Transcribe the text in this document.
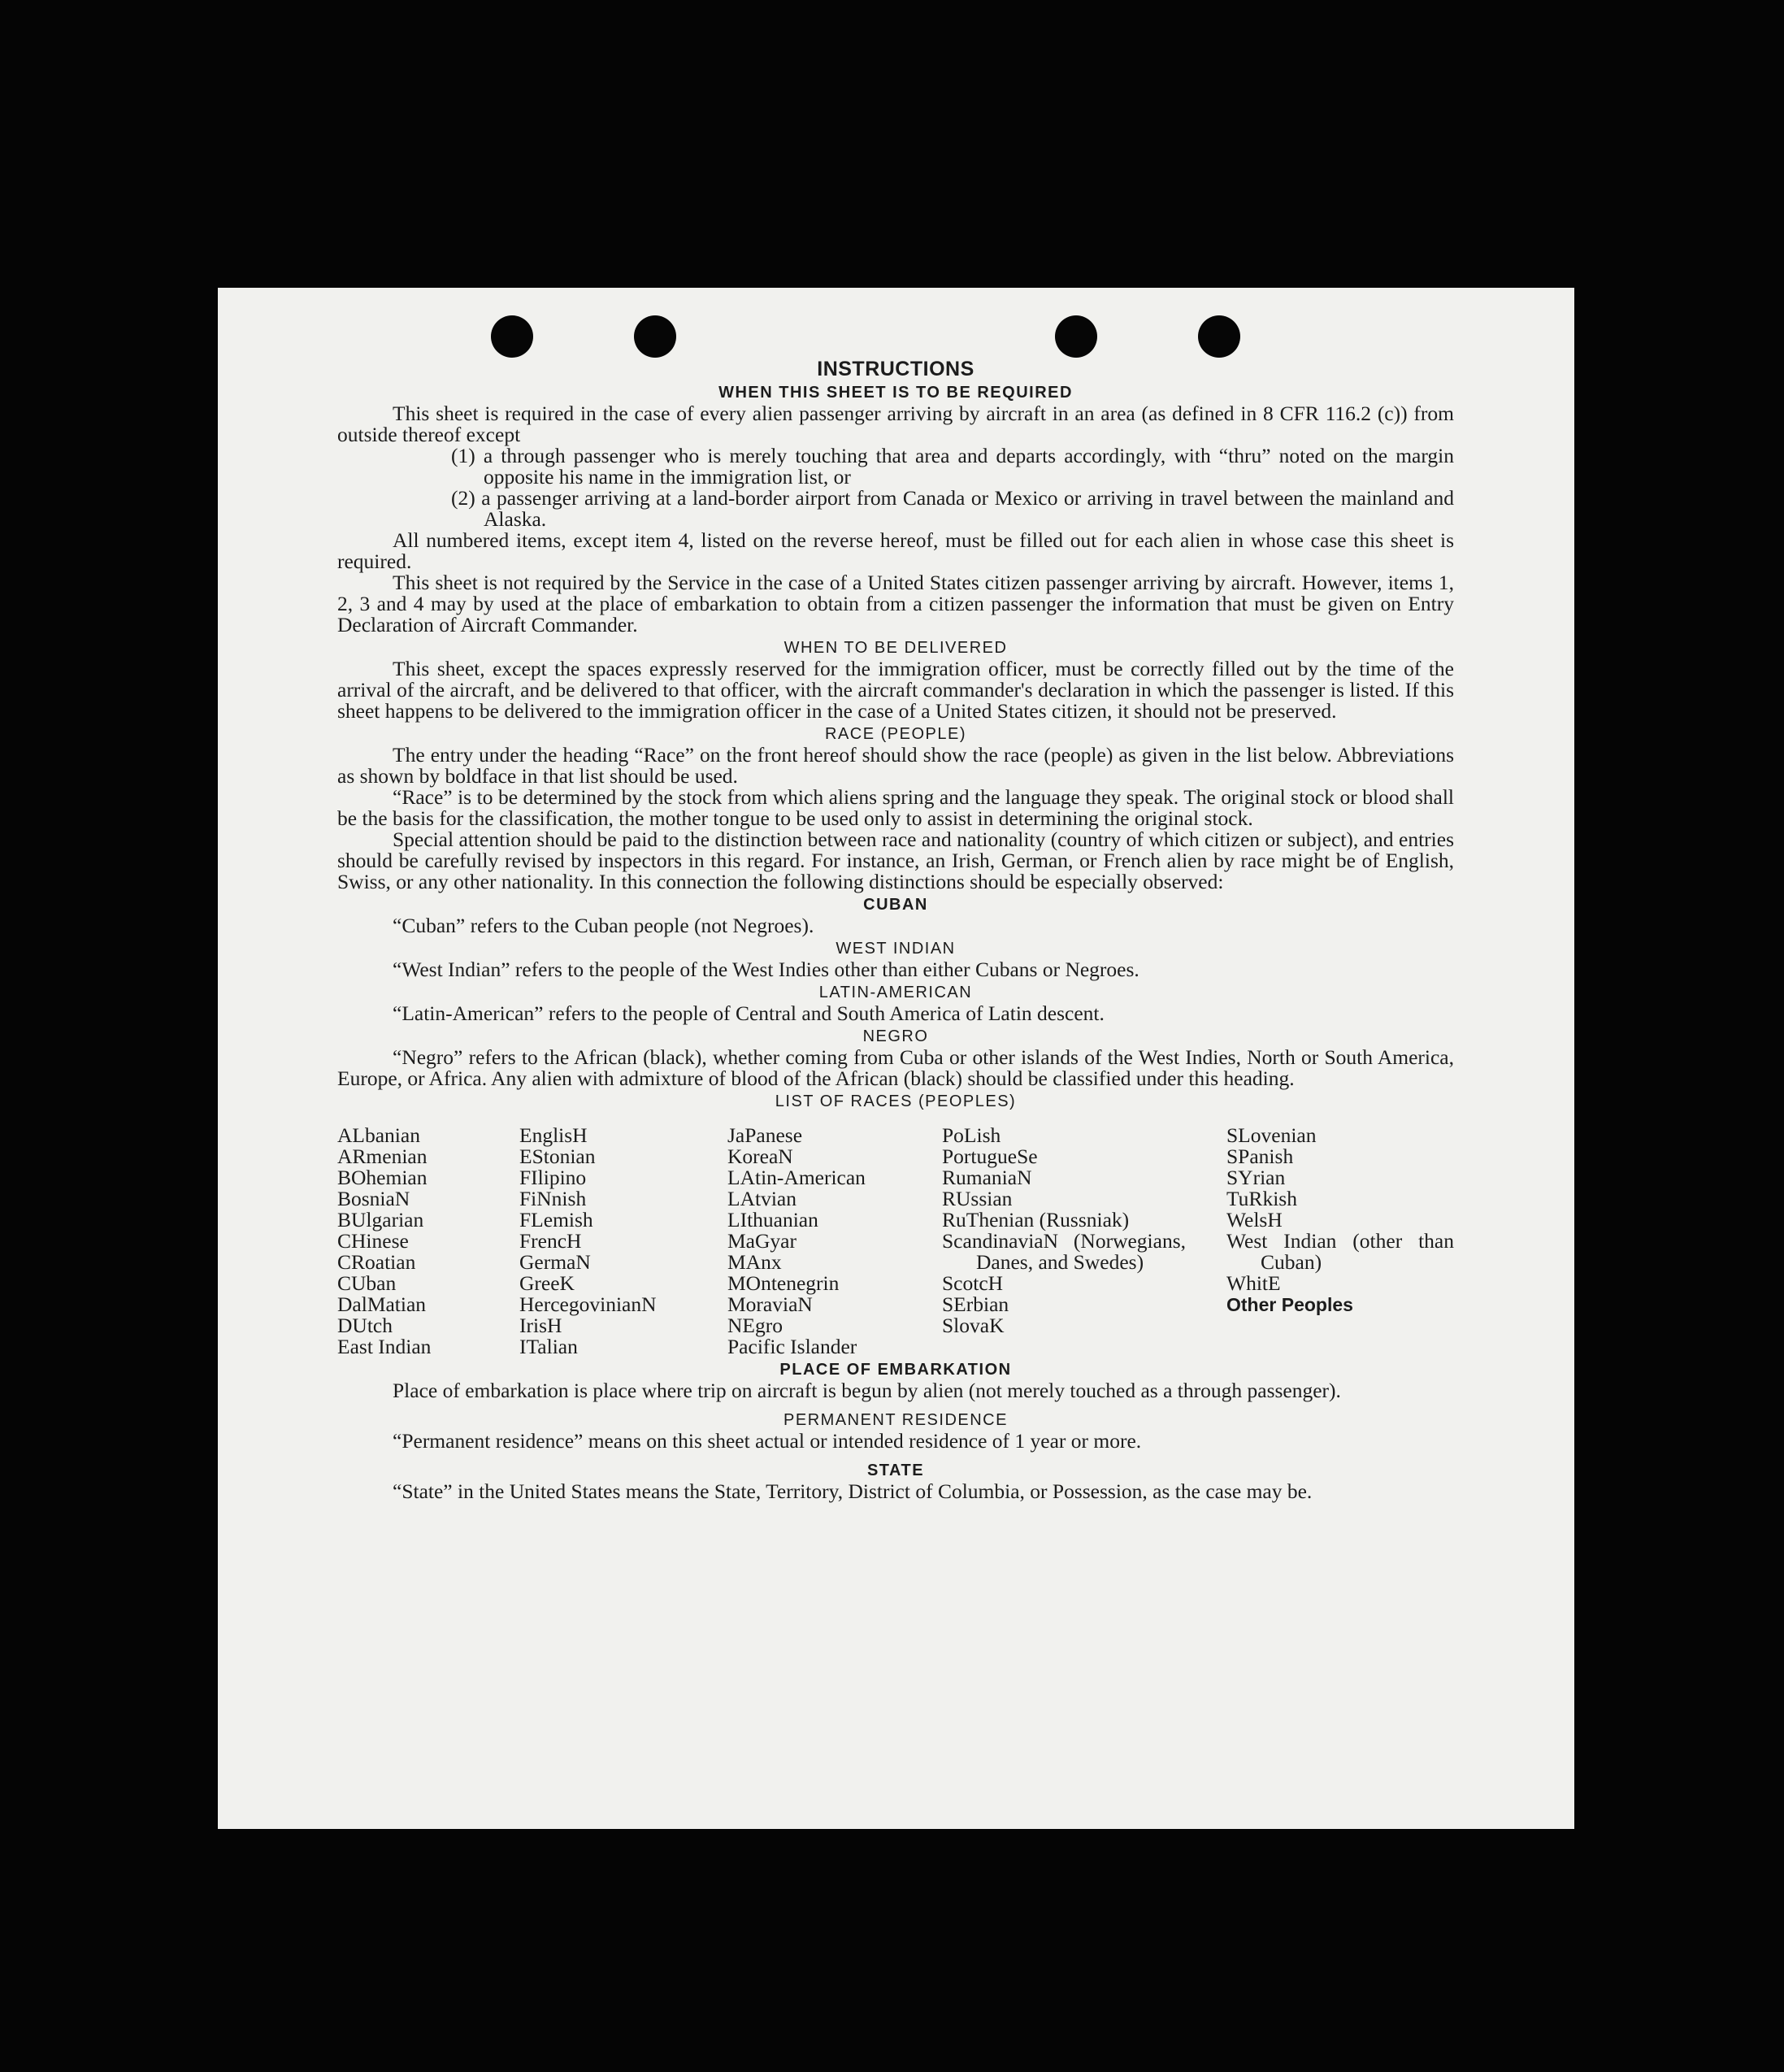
INSTRUCTIONS
WHEN THIS SHEET IS TO BE REQUIRED

This sheet is required in the case of every alien passenger arriving by aircraft in an area (as defined in 8 CFR 116.2 (c)) from outside thereof except

(1) a through passenger who is merely touching that area and departs accordingly, with “thru” noted on the margin opposite his name in the immigration list, or

(2) a passenger arriving at a land-border airport from Canada or Mexico or arriving in travel between the mainland and Alaska.

All numbered items, except item 4, listed on the reverse hereof, must be filled out for each alien in whose case this sheet is required.

This sheet is not required by the Service in the case of a United States citizen passenger arriving by aircraft. However, items 1, 2, 3 and 4 may by used at the place of embarkation to obtain from a citizen passenger the information that must be given on Entry Declaration of Aircraft Commander.

WHEN TO BE DELIVERED

This sheet, except the spaces expressly reserved for the immigration officer, must be correctly filled out by the time of the arrival of the aircraft, and be delivered to that officer, with the aircraft commander's declaration in which the passenger is listed. If this sheet happens to be delivered to the immigration officer in the case of a United States citizen, it should not be preserved.

RACE (PEOPLE)

The entry under the heading “Race” on the front hereof should show the race (people) as given in the list below. Abbreviations as shown by boldface in that list should be used.

“Race” is to be determined by the stock from which aliens spring and the language they speak. The original stock or blood shall be the basis for the classification, the mother tongue to be used only to assist in determining the original stock.

Special attention should be paid to the distinction between race and nationality (country of which citizen or subject), and entries should be carefully revised by inspectors in this regard. For instance, an Irish, German, or French alien by race might be of English, Swiss, or any other nationality. In this connection the following distinctions should be especially observed:

CUBAN

“Cuban” refers to the Cuban people (not Negroes).

WEST INDIAN

“West Indian” refers to the people of the West Indies other than either Cubans or Negroes.

LATIN-AMERICAN

“Latin-American” refers to the people of Central and South America of Latin descent.

NEGRO

“Negro” refers to the African (black), whether coming from Cuba or other islands of the West Indies, North or South America, Europe, or Africa. Any alien with admixture of blood of the African (black) should be classified under this heading.

LIST OF RACES (PEOPLES)
ALbanian
ARmenian
BOhemian
BosniaN
BUlgarian
CHinese
CRoatian
CUban
DalMatian
DUtch
East Indian
EnglisH
EStonian
FIlipino
FiNnish
FLemish
FrencH
GermaN
GreeK
HercegovinianN
IrisH
ITalian
JaPanese
KoreaN
LAtin-American
LAtvian
LIthuanian
MaGyar
MAnx
MOntenegrin
MoraviaN
NEgro
Pacific Islander
PoLish
PortugueSe
RumaniaN
RUssian
RuThenian (Russniak)
ScandinaviaN (Norwegians, Danes, and Swedes)
ScotcH
SErbian
SlovaK
SLovenian
SPanish
SYrian
TuRkish
WelsH
West Indian (other than Cuban)
WhitE
Other Peoples
PLACE OF EMBARKATION

Place of embarkation is place where trip on aircraft is begun by alien (not merely touched as a through passenger).

PERMANENT RESIDENCE

“Permanent residence” means on this sheet actual or intended residence of 1 year or more.

STATE

“State” in the United States means the State, Territory, District of Columbia, or Possession, as the case may be.
